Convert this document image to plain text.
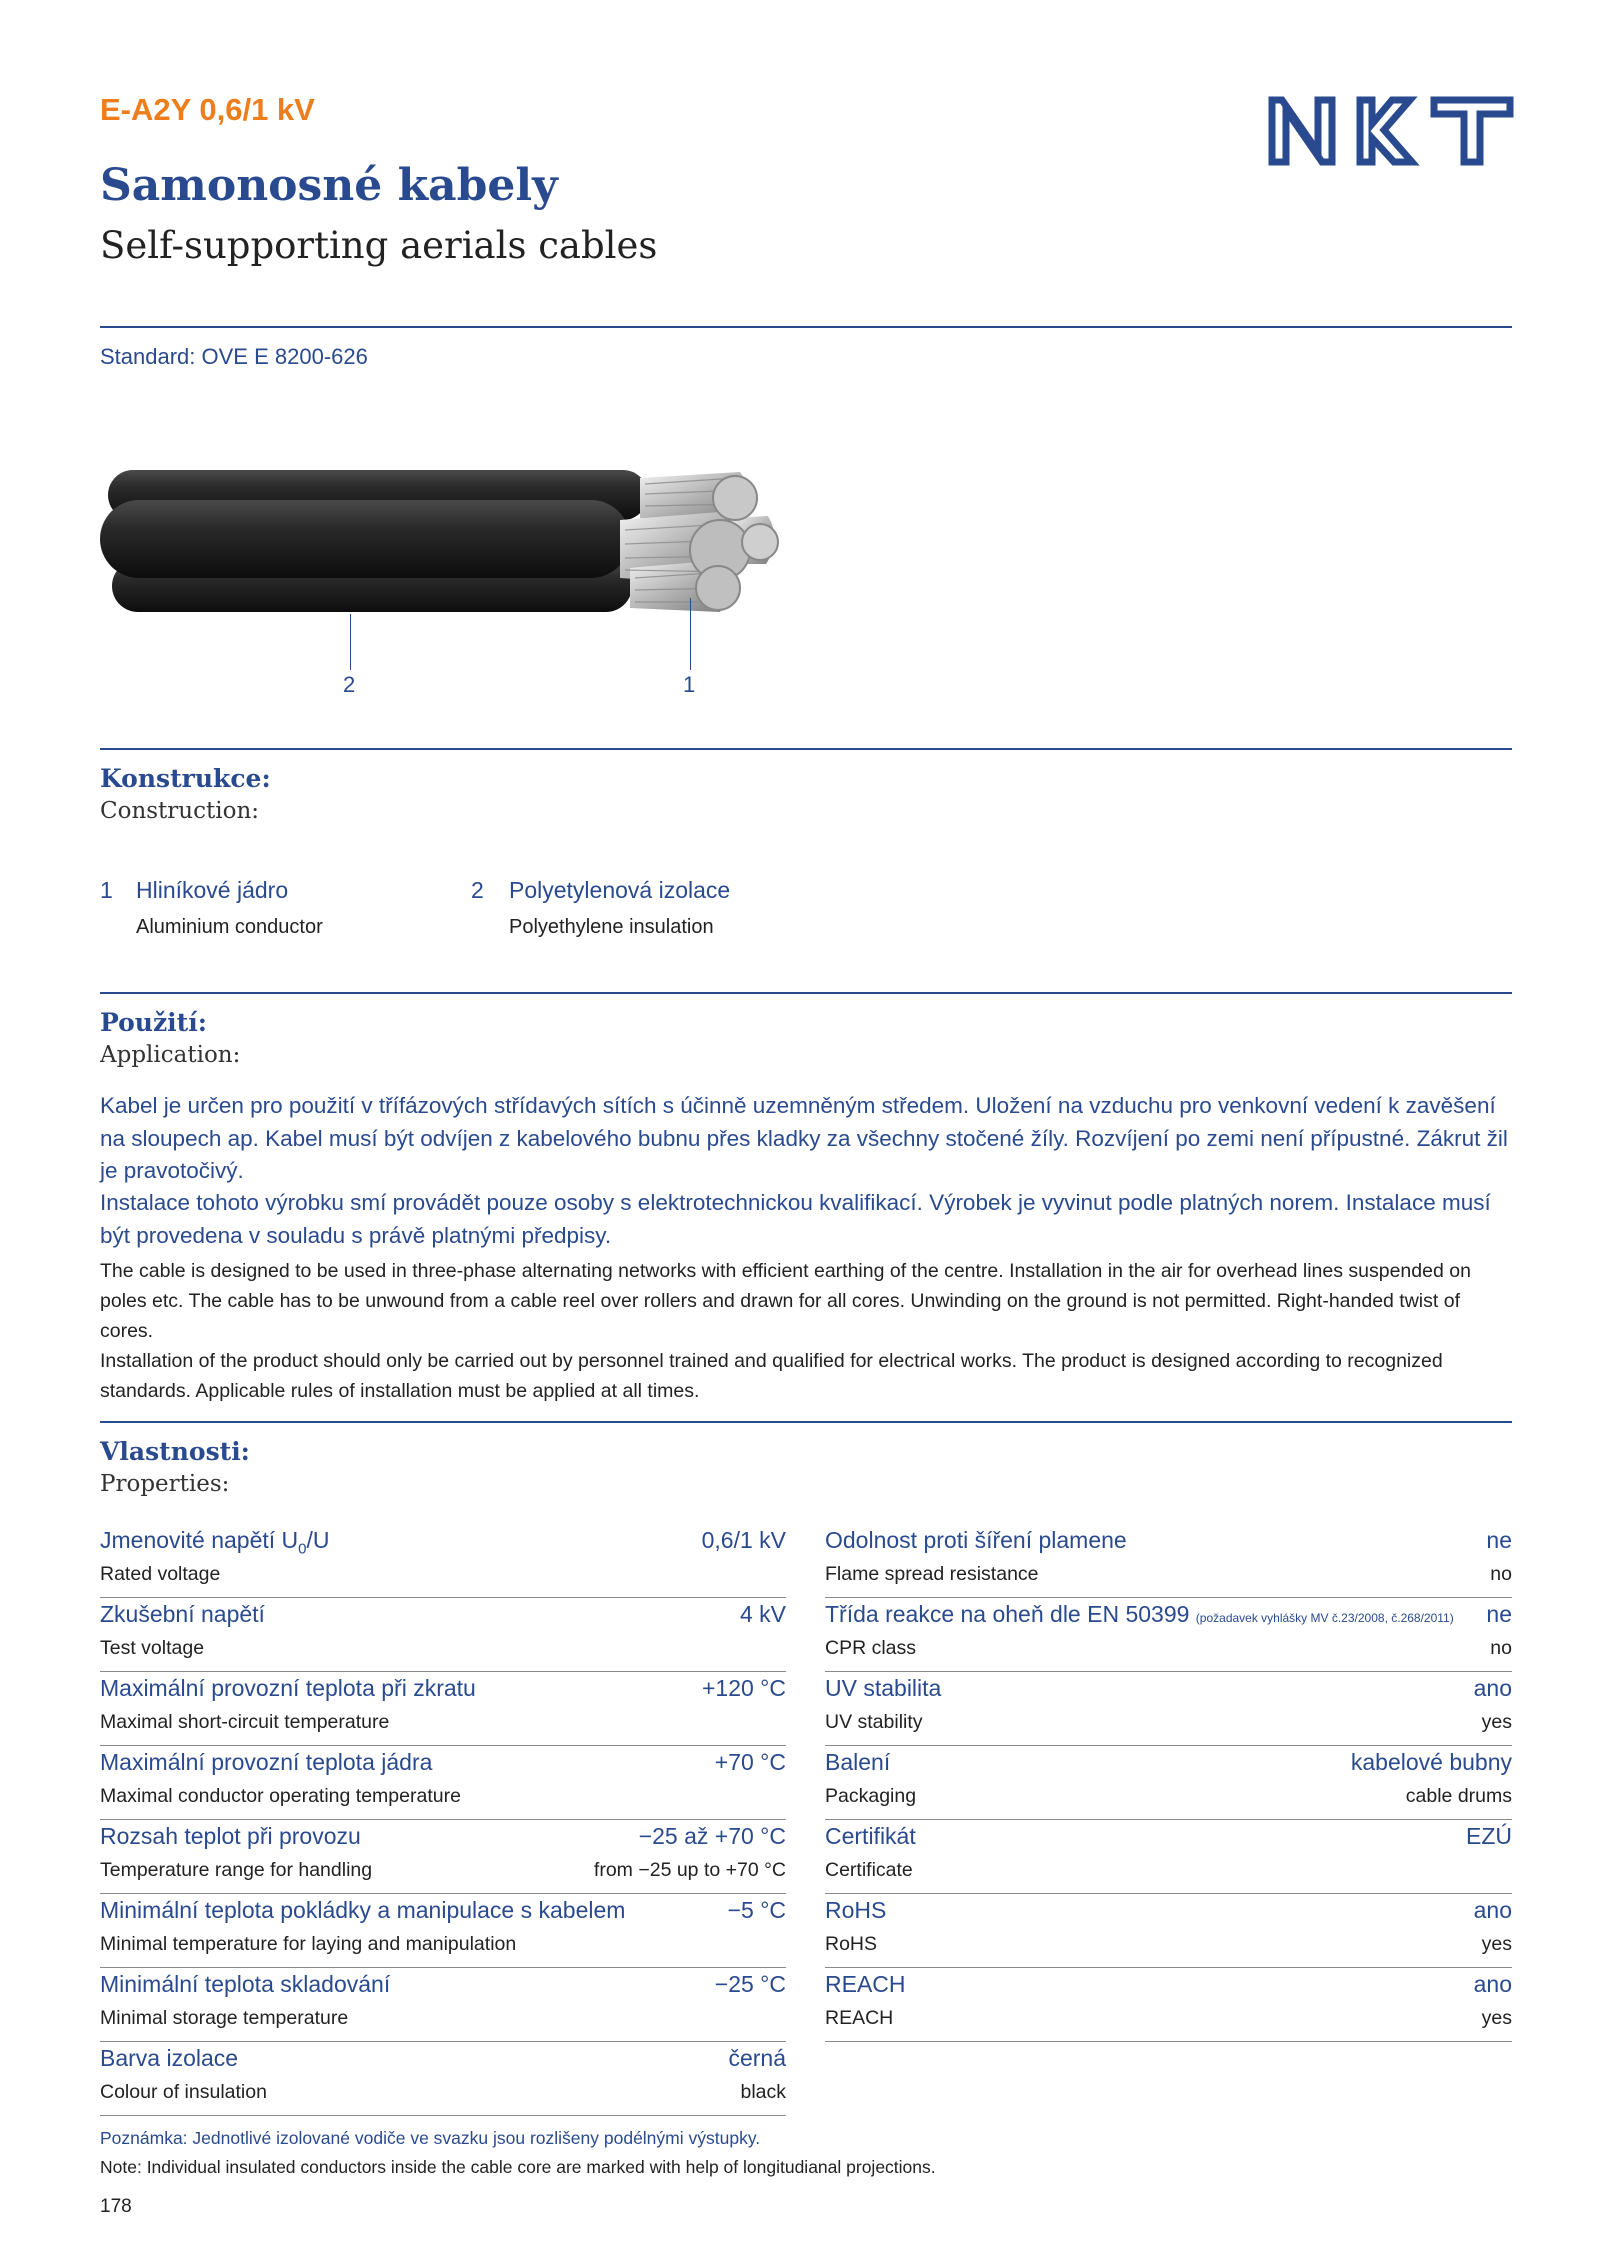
E-A2Y 0,6/1 kV
Samonosné kabely
Self-supporting aerials cables
Standard: OVE E 8200-626
2	1
Konstrukce:
Construction:
1 Hliníkové jádro
Aluminium conductor
2 Polyetylenová izolace
Polyethylene insulation
Použití:
Application:
Kabel je určen pro použití v třífázových střídavých sítích s účinně uzemněným středem. Uložení na vzduchu pro venkovní vedení k zavěšení na sloupech ap. Kabel musí být odvíjen z kabelového bubnu přes kladky za všechny stočené žíly. Rozvíjení po zemi není přípustné. Zákrut žil je pravotočivý.
Instalace tohoto výrobku smí provádět pouze osoby s elektrotechnickou kvalifikací. Výrobek je vyvinut podle platných norem. Instalace musí být provedena v souladu s právě platnými předpisy.
The cable is designed to be used in three-phase alternating networks with efficient earthing of the centre. Installation in the air for overhead lines suspended on poles etc. The cable has to be unwound from a cable reel over rollers and drawn for all cores. Unwinding on the ground is not permitted. Right-handed twist of cores.
Installation of the product should only be carried out by personnel trained and qualified for electrical works. The product is designed according to recognized standards. Applicable rules of installation must be applied at all times.
Vlastnosti:
Properties:
Jmenovité napětí $U_0/U$
Rated voltage
0,6/1 kV
Zkušební napětí
Test voltage
4 kV
Maximální provozní teplota při zkratu
Maximal short-circuit temperature
+120 °C
Maximální provozní teplota jádra
Maximal conductor operating temperature
+70 °C
Rozsah teplot při provozu
Temperature range for handling
−25 až +70 °C
from −25 up to +70 °C
Minimální teplota pokládky a manipulace s kabelem
Minimal temperature for laying and manipulation
−5 °C
Minimální teplota skladování
Minimal storage temperature
−25 °C
Barva izolace
Colour of insulation
černá
black
Odolnost proti šíření plamene
Flame spread resistance
ne
no
Třída reakce na oheň dle EN 50399 (požadavek vyhlášky MV č.23/2008, č.268/2011)
CPR class
ne
no
UV stabilita
UV stability
ano
yes
Balení
Packaging
kabelové bubny
cable drums
Certifikát
Certificate
EZÚ
RoHS
RoHS
ano
yes
REACH
REACH
ano
yes
Poznámka: Jednotlivé izolované vodiče ve svazku jsou rozlišeny podélnými výstupky.
Note: Individual insulated conductors inside the cable core are marked with help of longitudianal projections.
178
